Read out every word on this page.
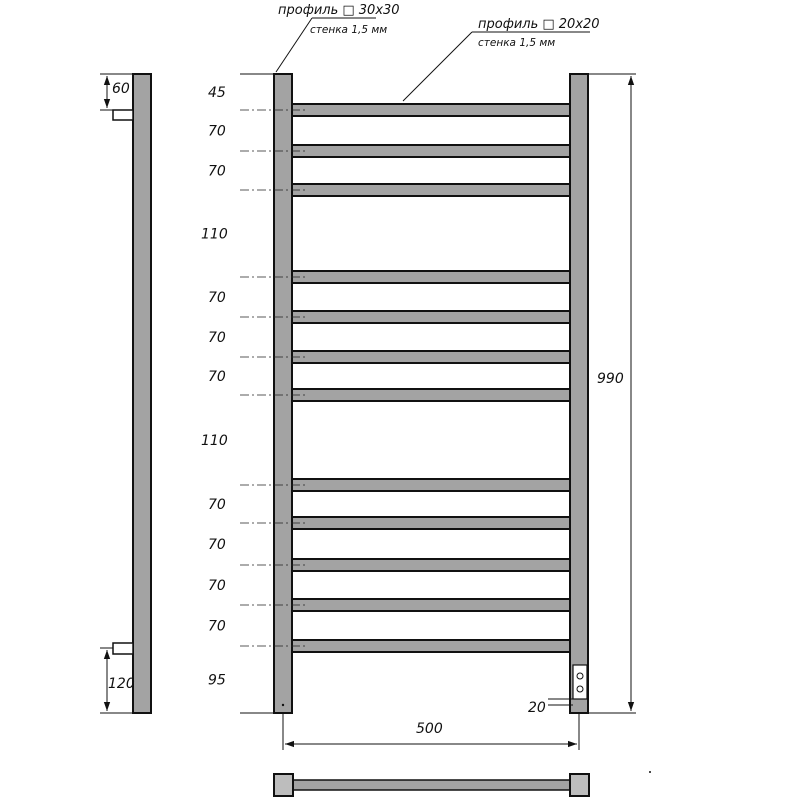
60
120
45
70
70
110
70
70
70
110
70
70
70
70
95
990
20
500
профиль □ 30х30
стенка 1,5 мм	профиль □ 20х20
стенка 1,5 мм
